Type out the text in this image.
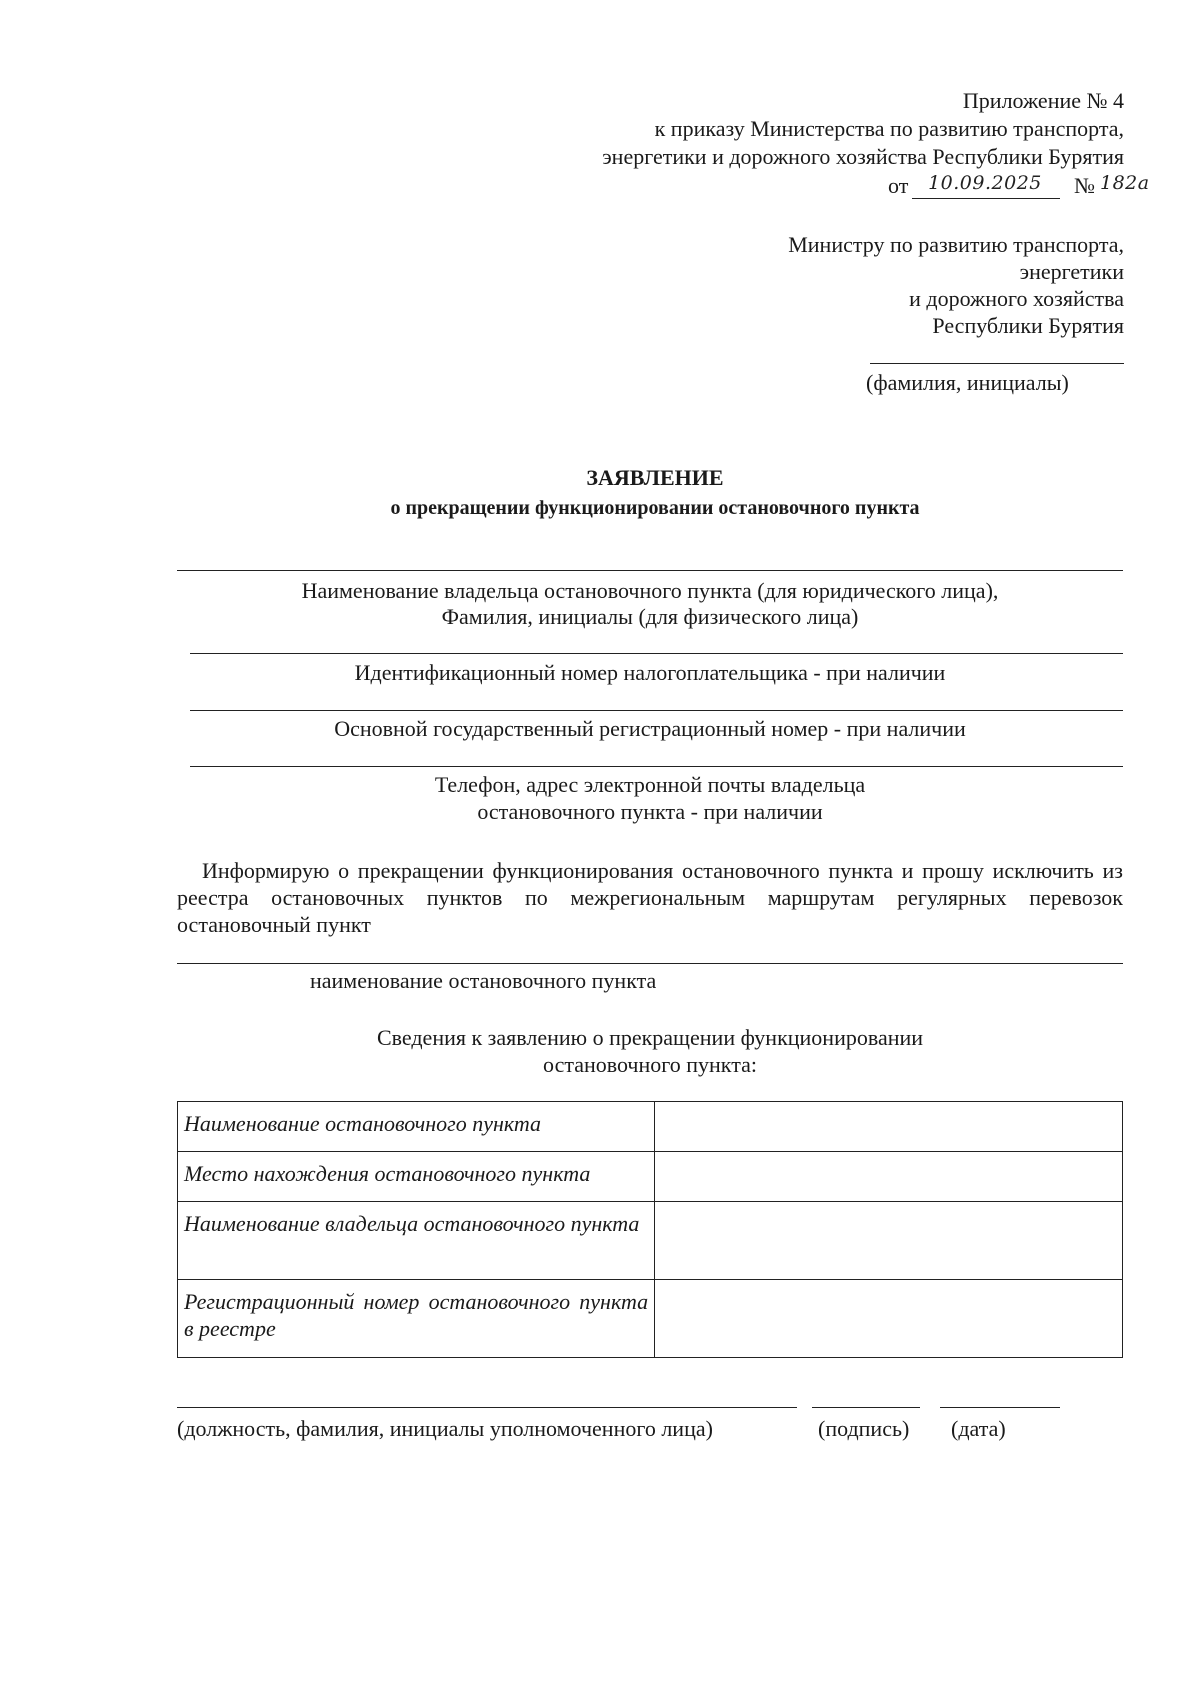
Приложение № 4
к приказу Министерства по развитию транспорта,
энергетики и дорожного хозяйства Республики Бурятия
от	10.09.2025	№ 182а
Министру по развитию транспорта,
энергетики
и дорожного хозяйства
Республики Бурятия
(фамилия, инициалы)
ЗАЯВЛЕНИЕ
о прекращении функционировании остановочного пункта
Наименование владельца остановочного пункта (для юридического лица),
Фамилия, инициалы (для физического лица)
Идентификационный номер налогоплательщика - при наличии
Основной государственный регистрационный номер - при наличии
Телефон, адрес электронной почты владельца
остановочного пункта - при наличии
Информирую о прекращении функционирования остановочного пункта и прошу исключить из реестра остановочных пунктов по межрегиональным маршрутам регулярных перевозок остановочный пункт
наименование остановочного пункта
Сведения к заявлению о прекращении функционировании
остановочного пункта:
Наименование остановочного пункта	
Место нахождения остановочного пункта	
Наименование владельца остановочного пункта	
Регистрационный номер остановочного пункта в реестре	
(должность, фамилия, инициалы уполномоченного лица)	(подпись) (дата)
